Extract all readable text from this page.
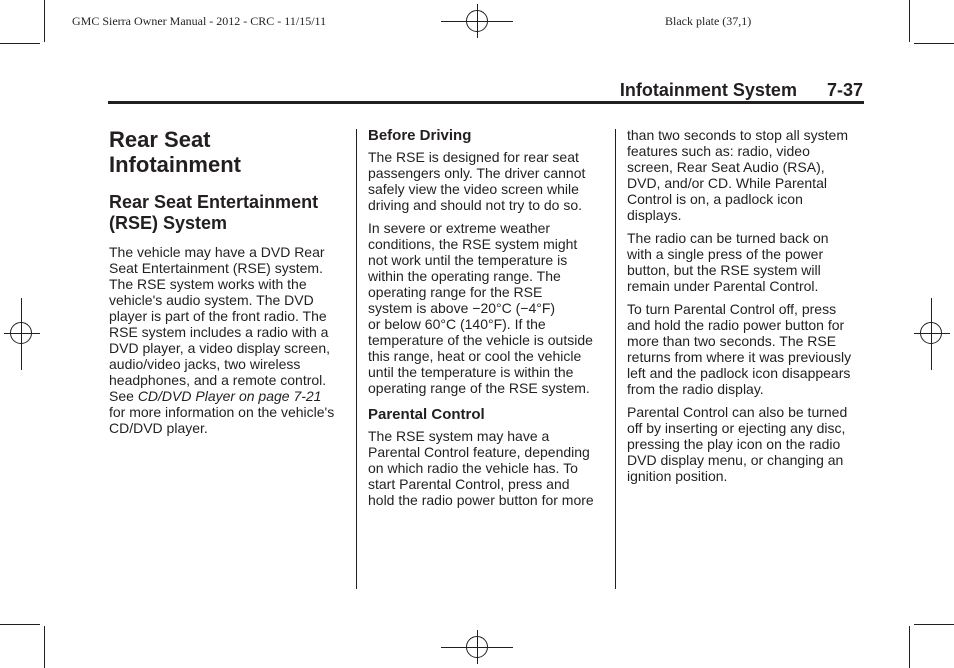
GMC Sierra Owner Manual - 2012 - CRC - 11/15/11	Black plate (37,1)
Infotainment System 7-37
Rear Seat
Infotainment
Rear Seat Entertainment
(RSE) System

The vehicle may have a DVD Rear
Seat Entertainment (RSE) system.
The RSE system works with the
vehicle's audio system. The DVD
player is part of the front radio. The
RSE system includes a radio with a
DVD player, a video display screen,
audio/video jacks, two wireless
headphones, and a remote control.
See CD/DVD Player on page 7-21
for more information on the vehicle's
CD/DVD player.

Before Driving

The RSE is designed for rear seat
passengers only. The driver cannot
safely view the video screen while
driving and should not try to do so.

In severe or extreme weather
conditions, the RSE system might
not work until the temperature is
within the operating range. The
operating range for the RSE
system is above −20°C (−4°F)
or below 60°C (140°F). If the
temperature of the vehicle is outside
this range, heat or cool the vehicle
until the temperature is within the
operating range of the RSE system.

Parental Control

The RSE system may have a
Parental Control feature, depending
on which radio the vehicle has. To
start Parental Control, press and
hold the radio power button for more

than two seconds to stop all system
features such as: radio, video
screen, Rear Seat Audio (RSA),
DVD, and/or CD. While Parental
Control is on, a padlock icon
displays.

The radio can be turned back on
with a single press of the power
button, but the RSE system will
remain under Parental Control.

To turn Parental Control off, press
and hold the radio power button for
more than two seconds. The RSE
returns from where it was previously
left and the padlock icon disappears
from the radio display.

Parental Control can also be turned
off by inserting or ejecting any disc,
pressing the play icon on the radio
DVD display menu, or changing an
ignition position.
